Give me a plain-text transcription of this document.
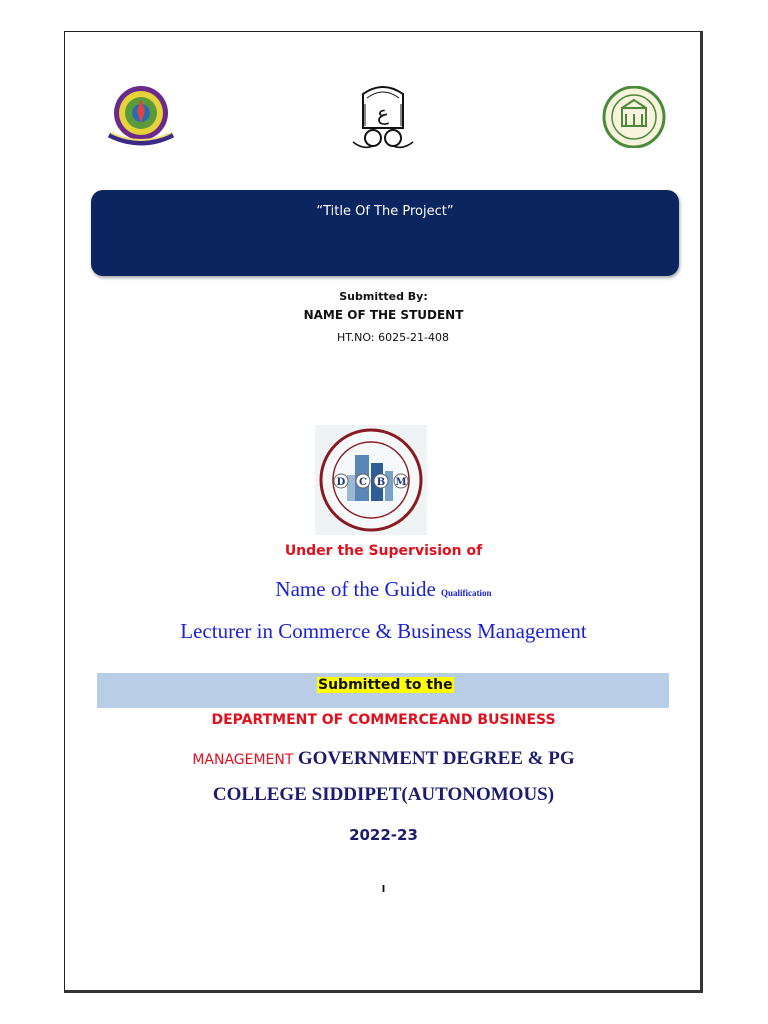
ع
“Title Of The Project”
Submitted By:
NAME OF THE STUDENT
HT.NO: 6025-21-408
D C B M
Under the Supervision of
Name of the Guide Qualification
Lecturer in Commerce & Business Management
Submitted to the
DEPARTMENT OF COMMERCEAND BUSINESS
MANAGEMENT GOVERNMENT DEGREE & PG
COLLEGE SIDDIPET(AUTONOMOUS)
2022-23
I
